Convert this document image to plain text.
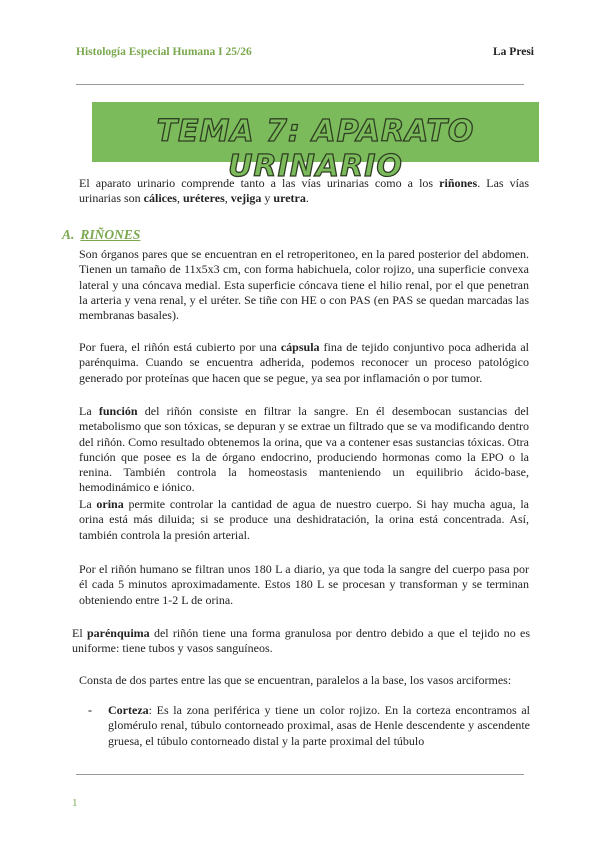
Histología Especial Humana I 25/26	La Presi
TEMA 7: APARATO URINARIO

El aparato urinario comprende tanto a las vías urinarias como a los riñones. Las vías urinarias son cálices, uréteres, vejiga y uretra.

A. RIÑONES

Son órganos pares que se encuentran en el retroperitoneo, en la pared posterior del abdomen. Tienen un tamaño de 11x5x3 cm, con forma habichuela, color rojizo, una superficie convexa lateral y una cóncava medial. Esta superficie cóncava tiene el hilio renal, por el que penetran la arteria y vena renal, y el uréter. Se tiñe con HE o con PAS (en PAS se quedan marcadas las membranas basales).

Por fuera, el riñón está cubierto por una cápsula fina de tejido conjuntivo poca adherida al parénquima. Cuando se encuentra adherida, podemos reconocer un proceso patológico generado por proteínas que hacen que se pegue, ya sea por inflamación o por tumor.

La función del riñón consiste en filtrar la sangre. En él desembocan sustancias del metabolismo que son tóxicas, se depuran y se extrae un filtrado que se va modificando dentro del riñón. Como resultado obtenemos la orina, que va a contener esas sustancias tóxicas. Otra función que posee es la de órgano endocrino, produciendo hormonas como la EPO o la renina. También controla la homeostasis manteniendo un equilibrio ácido-base, hemodinámico e iónico.

La orina permite controlar la cantidad de agua de nuestro cuerpo. Si hay mucha agua, la orina está más diluida; si se produce una deshidratación, la orina está concentrada. Así, también controla la presión arterial.

Por el riñón humano se filtran unos 180 L a diario, ya que toda la sangre del cuerpo pasa por él cada 5 minutos aproximadamente. Estos 180 L se procesan y transforman y se terminan obteniendo entre 1-2 L de orina.

El parénquima del riñón tiene una forma granulosa por dentro debido a que el tejido no es uniforme: tiene tubos y vasos sanguíneos.

Consta de dos partes entre las que se encuentran, paralelos a la base, los vasos arciformes:

- Corteza: Es la zona periférica y tiene un color rojizo. En la corteza encontramos al glomérulo renal, túbulo contorneado proximal, asas de Henle descendente y ascendente gruesa, el túbulo contorneado distal y la parte proximal del túbulo

1
